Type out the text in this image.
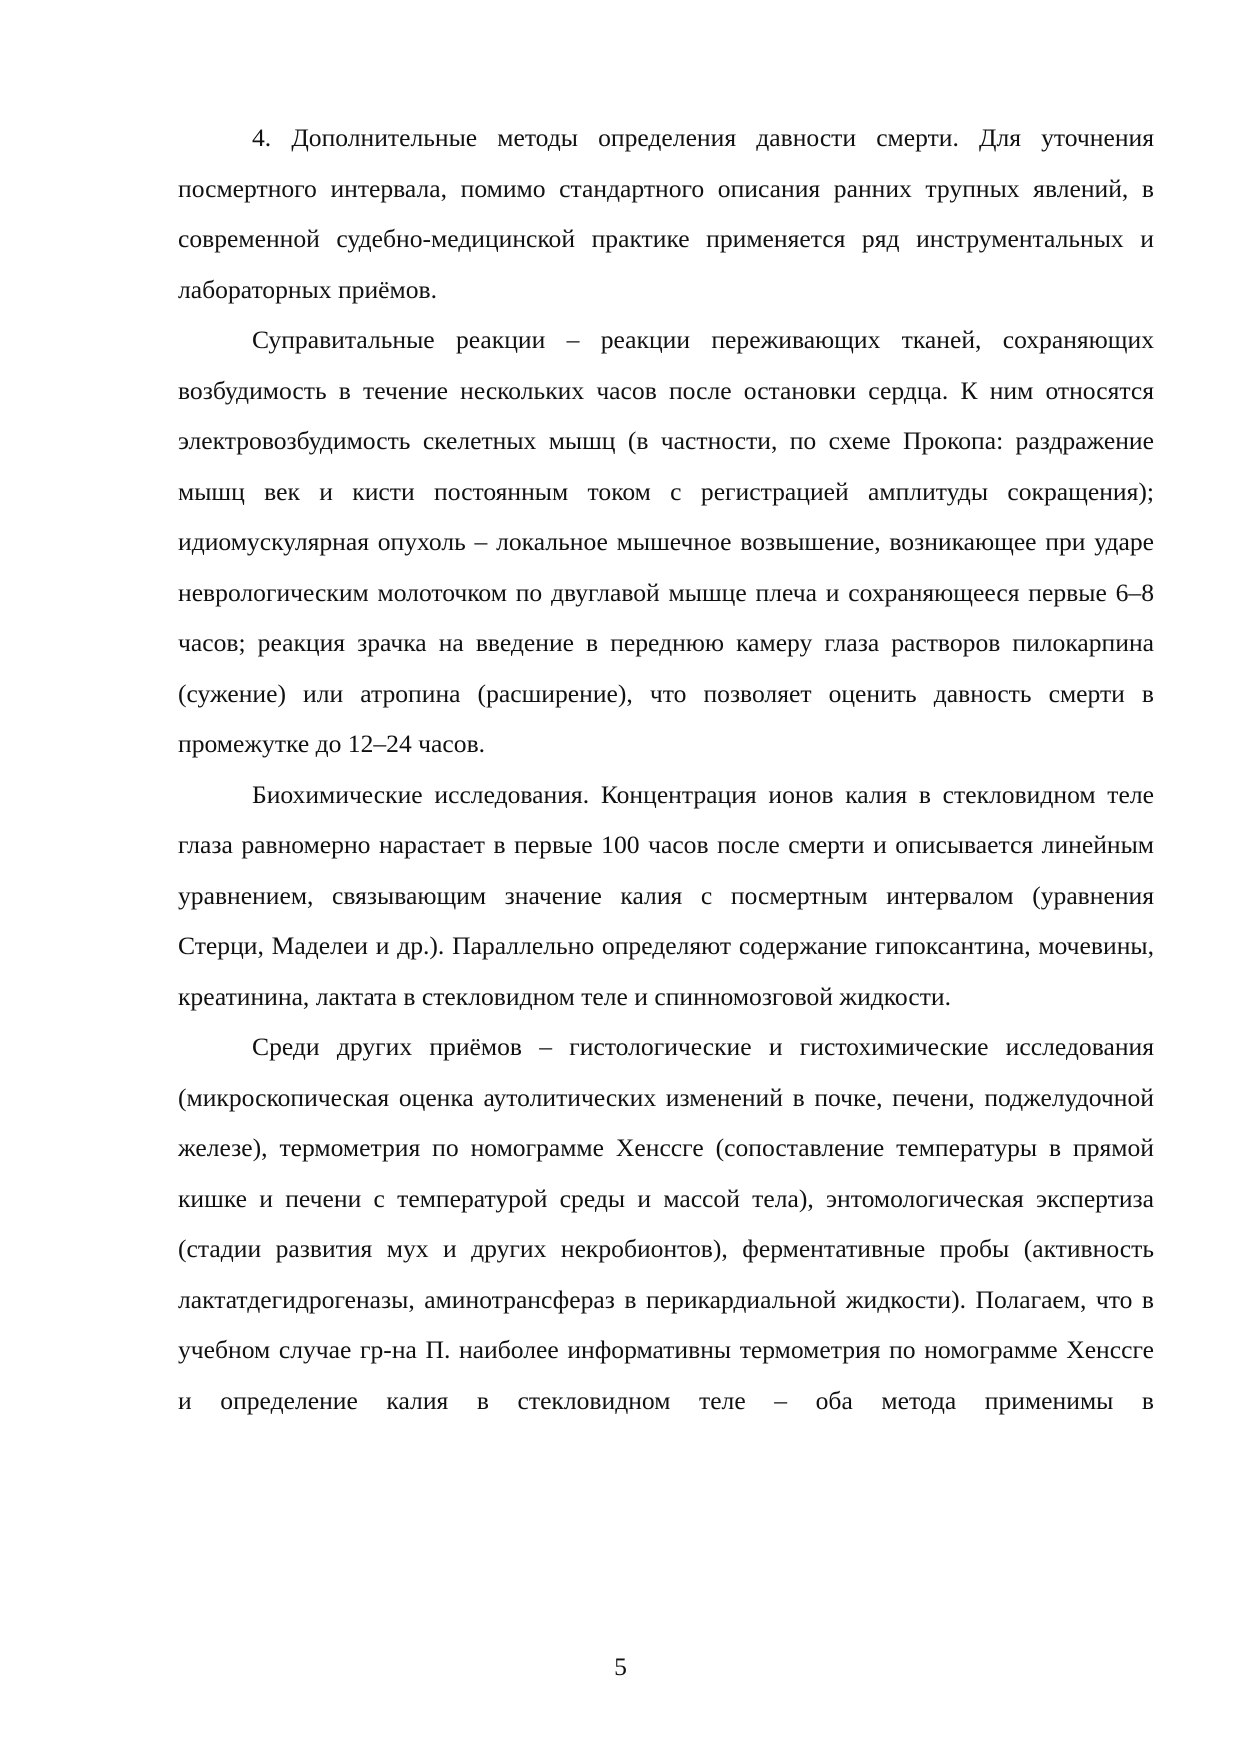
4. Дополнительные методы определения давности смерти. Для уточнения посмертного интервала, помимо стандартного описания ранних трупных явлений, в современной судебно-медицинской практике применяется ряд инструментальных и лабораторных приёмов.

Суправитальные реакции – реакции переживающих тканей, сохраняющих возбудимость в течение нескольких часов после остановки сердца. К ним относятся электровозбудимость скелетных мышц (в частности, по схеме Прокопа: раздражение мышц век и кисти постоянным током с регистрацией амплитуды сокращения); идиомускулярная опухоль – локальное мышечное возвышение, возникающее при ударе неврологическим молоточком по двуглавой мышце плеча и сохраняющееся первые 6–8 часов; реакция зрачка на введение в переднюю камеру глаза растворов пилокарпина (сужение) или атропина (расширение), что позволяет оценить давность смерти в промежутке до 12–24 часов.

Биохимические исследования. Концентрация ионов калия в стекловидном теле глаза равномерно нарастает в первые 100 часов после смерти и описывается линейным уравнением, связывающим значение калия с посмертным интервалом (уравнения Стерци, Маделеи и др.). Параллельно определяют содержание гипоксантина, мочевины, креатинина, лактата в стекловидном теле и спинномозговой жидкости.

Среди других приёмов – гистологические и гистохимические исследования (микроскопическая оценка аутолитических изменений в почке, печени, поджелудочной железе), термометрия по номограмме Хенссге (сопоставление температуры в прямой кишке и печени с температурой среды и массой тела), энтомологическая экспертиза (стадии развития мух и других некробионтов), ферментативные пробы (активность лактатдегидрогеназы, аминотрансфераз в перикардиальной жидкости). Полагаем, что в учебном случае гр-на П. наиболее информативны термометрия по номограмме Хенссге и определение калия в стекловидном теле – оба метода применимы в

5
